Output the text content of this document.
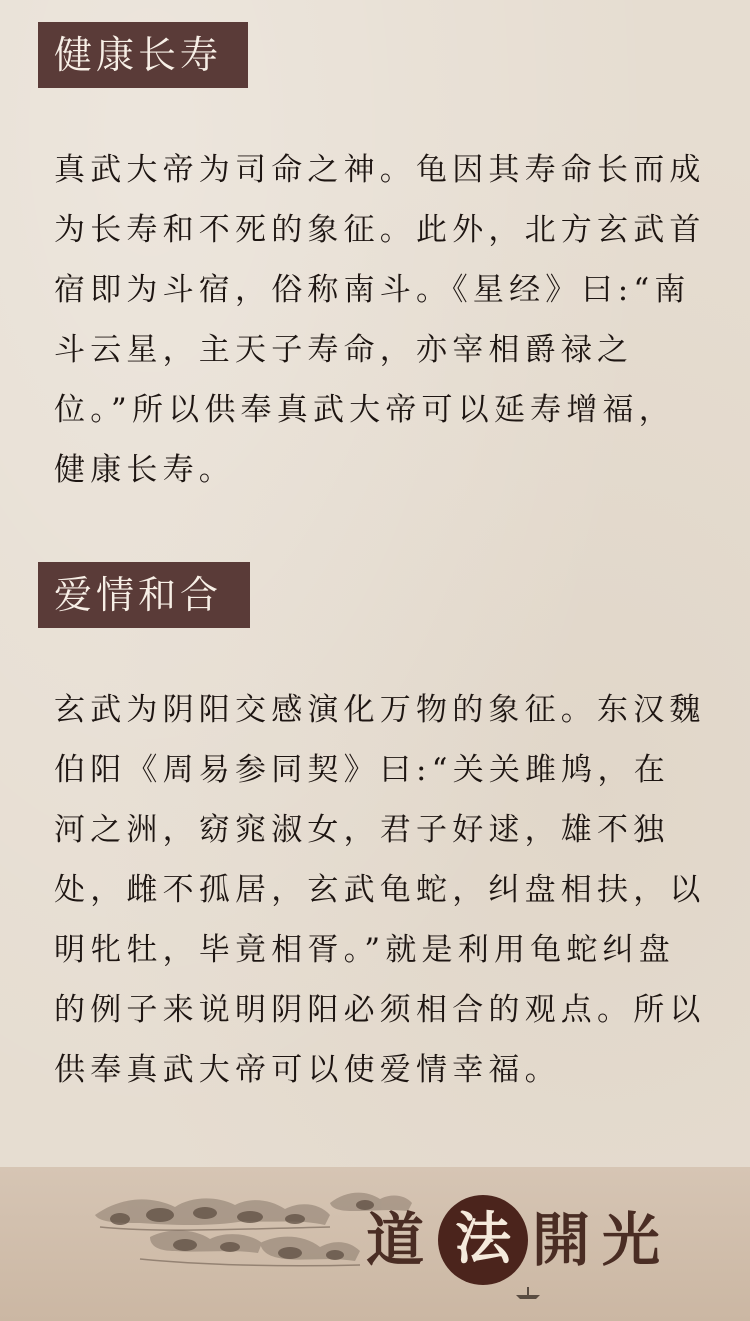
健康长寿
真武大帝为司命之神。龟因其寿命长而成为长寿和不死的象征。此外，北方玄武首宿即为斗宿，俗称南斗。《星经》曰:“南斗云星，主天子寿命，亦宰相爵禄之位。”所以供奉真武大帝可以延寿增福，健康长寿。
爱情和合
玄武为阴阳交感演化万物的象征。东汉魏伯阳《周易参同契》曰:“关关雎鸠，在河之洲，窈窕淑女，君子好逑，雄不独处，雌不孤居，玄武龟蛇，纠盘相扶，以明牝牡，毕竟相胥。”就是利用龟蛇纠盘的例子来说明阴阳必须相合的观点。所以供奉真武大帝可以使爱情幸福。
道 法 開 光
